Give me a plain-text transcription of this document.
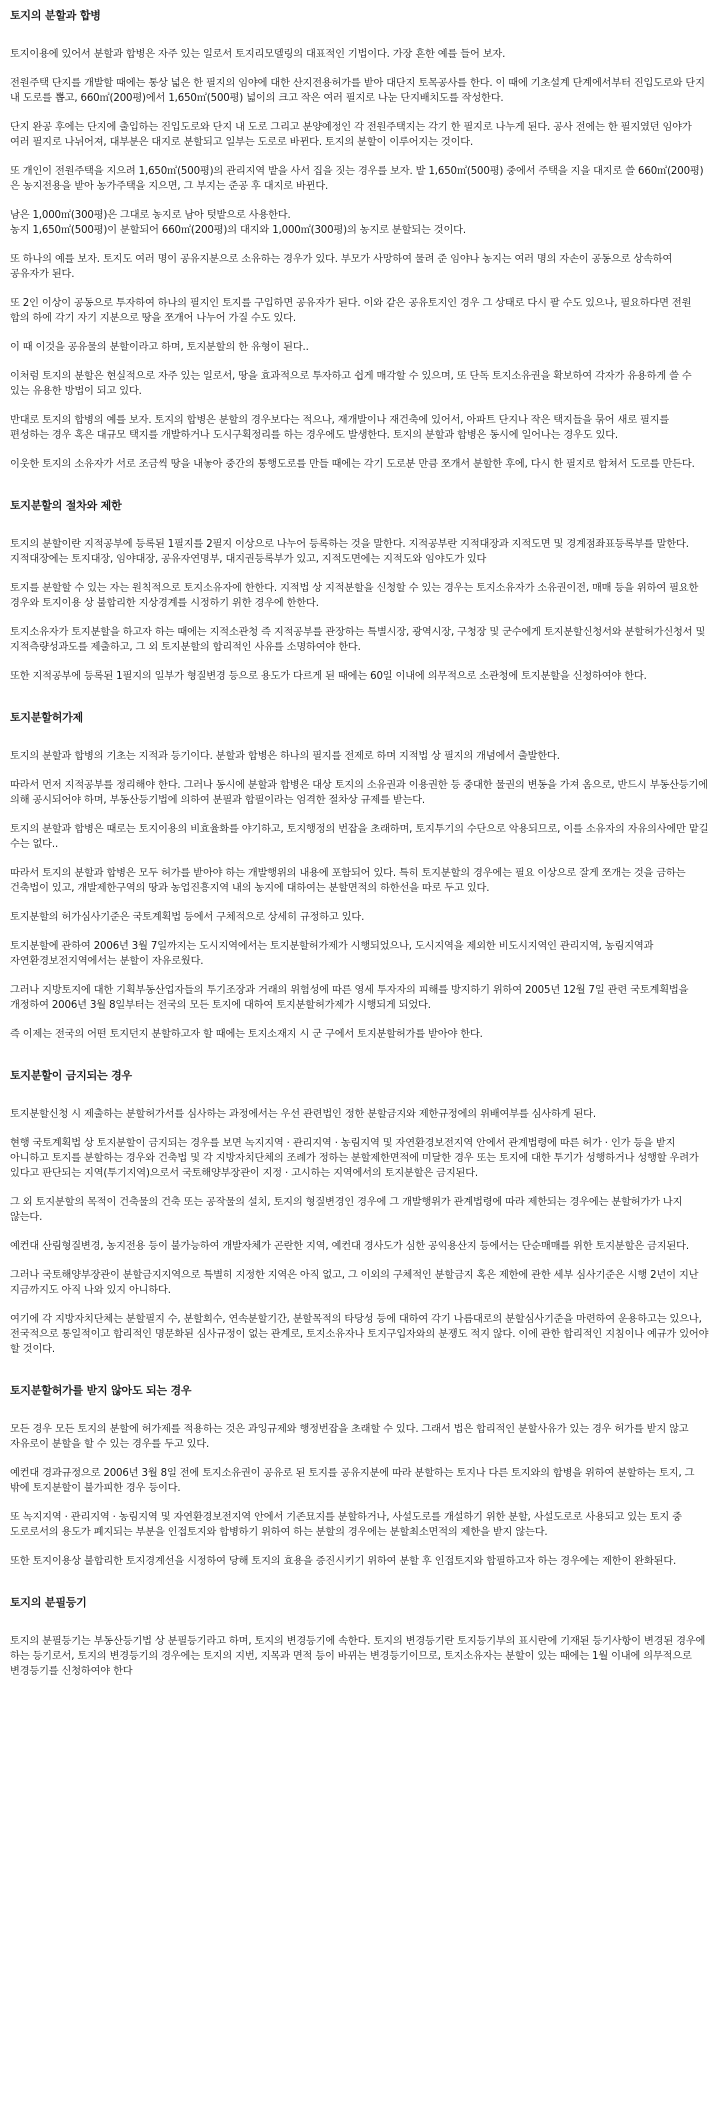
토지의 분할과 합병

토지이용에 있어서 분할과 합병은 자주 있는 일로서 토지리모델링의 대표적인 기법이다. 가장 흔한 예를 들어 보자.

전원주택 단지를 개발할 때에는 통상 넓은 한 필지의 임야에 대한 산지전용허가를 받아 대단지 토목공사를 한다. 이 때에 기초설계 단계에서부터 진입도로와 단지 내 도로를 뽑고, 660㎡(200평)에서 1,650㎡(500평) 넓이의 크고 작은 여러 필지로 나눈 단지배치도를 작성한다.

단지 완공 후에는 단지에 출입하는 진입도로와 단지 내 도로 그리고 분양예정인 각 전원주택지는 각기 한 필지로 나누게 된다. 공사 전에는 한 필지였던 임야가 여러 필지로 나뉘어져, 대부분은 대지로 분할되고 일부는 도로로 바뀐다. 토지의 분할이 이루어지는 것이다.

또 개인이 전원주택을 지으려 1,650㎡(500평)의 관리지역 밭을 사서 집을 짓는 경우를 보자. 밭 1,650㎡(500평) 중에서 주택을 지을 대지로 쓸 660㎡(200평)은 농지전용을 받아 농가주택을 지으면, 그 부지는 준공 후 대지로 바뀐다.

남은 1,000㎡(300평)은 그대로 농지로 남아 텃밭으로 사용한다.
농지 1,650㎡(500평)이 분할되어 660㎡(200평)의 대지와 1,000㎡(300평)의 농지로 분할되는 것이다.

또 하나의 예를 보자. 토지도 여러 명이 공유지분으로 소유하는 경우가 있다. 부모가 사망하여 물려 준 임야나 농지는 여러 명의 자손이 공동으로 상속하여 공유자가 된다.

또 2인 이상이 공동으로 투자하여 하나의 필지인 토지를 구입하면 공유자가 된다. 이와 같은 공유토지인 경우 그 상태로 다시 팔 수도 있으나, 필요하다면 전원 합의 하에 각기 자기 지분으로 땅을 쪼개어 나누어 가질 수도 있다.

이 때 이것을 공유물의 분할이라고 하며, 토지분할의 한 유형이 된다..

이처럼 토지의 분할은 현실적으로 자주 있는 일로서, 땅을 효과적으로 투자하고 쉽게 매각할 수 있으며, 또 단독 토지소유권을 확보하여 각자가 유용하게 쓸 수 있는 유용한 방법이 되고 있다.

반대로 토지의 합병의 예를 보자. 토지의 합병은 분할의 경우보다는 적으나, 재개발이나 재건축에 있어서, 아파트 단지나 작은 택지들을 묶어 새로 필지를 편성하는 경우 혹은 대규모 택지를 개발하거나 도시구획정리를 하는 경우에도 발생한다. 토지의 분할과 합병은 동시에 일어나는 경우도 있다.

이웃한 토지의 소유자가 서로 조금씩 땅을 내놓아 중간의 통행도로를 만들 때에는 각기 도로분 만큼 쪼개서 분할한 후에, 다시 한 필지로 합쳐서 도로를 만든다.

토지분할의 절차와 제한

토지의 분할이란 지적공부에 등록된 1필지를 2필지 이상으로 나누어 등록하는 것을 말한다. 지적공부란 지적대장과 지적도면 및 경계점좌표등록부를 말한다. 지적대장에는 토지대장, 임야대장, 공유자연명부, 대지권등록부가 있고, 지적도면에는 지적도와 임야도가 있다

토지를 분할할 수 있는 자는 원칙적으로 토지소유자에 한한다. 지적법 상 지적분할을 신청할 수 있는 경우는 토지소유자가 소유권이전, 매매 등을 위하여 필요한 경우와 토지이용 상 불합리한 지상경계를 시정하기 위한 경우에 한한다.

토지소유자가 토지분할을 하고자 하는 때에는 지적소관청 즉 지적공부를 관장하는 특별시장, 광역시장, 구청장 및 군수에게 토지분할신청서와 분할허가신청서 및 지적측량성과도를 제출하고, 그 외 토지분할의 합리적인 사유를 소명하여야 한다.

또한 지적공부에 등록된 1필지의 일부가 형질변경 등으로 용도가 다르게 된 때에는 60일 이내에 의무적으로 소관청에 토지분할을 신청하여야 한다.

토지분할허가제

토지의 분할과 합병의 기초는 지적과 등기이다. 분할과 합병은 하나의 필지를 전제로 하며 지적법 상 필지의 개념에서 출발한다.

따라서 먼저 지적공부를 정리해야 한다. 그러나 동시에 분할과 합병은 대상 토지의 소유권과 이용권한 등 중대한 물권의 변동을 가져 옴으로, 반드시 부동산등기에 의해 공시되어야 하며, 부동산등기법에 의하여 분필과 합필이라는 엄격한 절차상 규제를 받는다.

토지의 분할과 합병은 때로는 토지이용의 비효율화를 야기하고, 토지행정의 번잡을 초래하며, 토지투기의 수단으로 악용되므로, 이를 소유자의 자유의사에만 맡길 수는 없다..

따라서 토지의 분할과 합병은 모두 허가를 받아야 하는 개발행위의 내용에 포함되어 있다. 특히 토지분할의 경우에는 필요 이상으로 잘게 쪼개는 것을 금하는 건축법이 있고, 개발제한구역의 땅과 농업진흥지역 내의 농지에 대하여는 분할면적의 하한선을 따로 두고 있다.

토지분할의 허가심사기준은 국토계획법 등에서 구체적으로 상세히 규정하고 있다.

토지분할에 관하여 2006년 3월 7일까지는 도시지역에서는 토지분할허가제가 시행되었으나, 도시지역을 제외한 비도시지역인 관리지역, 농림지역과 자연환경보전지역에서는 분할이 자유로웠다.

그러나 지방토지에 대한 기획부동산업자들의 투기조장과 거래의 위험성에 따른 영세 투자자의 피해를 방지하기 위하여 2005년 12월 7일 관련 국토계획법을 개정하여 2006년 3월 8일부터는 전국의 모든 토지에 대하여 토지분할허가제가 시행되게 되었다.

즉 이제는 전국의 어떤 토지던지 분할하고자 할 때에는 토지소재지 시 군 구에서 토지분할허가를 받아야 한다.

토지분할이 금지되는 경우

토지분할신청 시 제출하는 분할허가서를 심사하는 과정에서는 우선 관련법인 정한 분할금지와 제한규정에의 위배여부를 심사하게 된다.

현행 국토계획법 상 토지분할이 금지되는 경우를 보면 녹지지역 · 관리지역 · 농림지역 및 자연환경보전지역 안에서 관계법령에 따른 허가 · 인가 등을 받지 아니하고 토지를 분할하는 경우와 건축법 및 각 지방자치단체의 조례가 정하는 분할제한면적에 미달한 경우 또는 토지에 대한 투기가 성행하거나 성행할 우려가 있다고 판단되는 지역(투기지역)으로서 국토해양부장관이 지정 · 고시하는 지역에서의 토지분할은 금지된다.

그 외 토지분할의 목적이 건축물의 건축 또는 공작물의 설치, 토지의 형질변경인 경우에 그 개발행위가 관계법령에 따라 제한되는 경우에는 분할허가가 나지 않는다.

예컨대 산림형질변경, 농지전용 등이 불가능하여 개발자체가 곤란한 지역, 예컨대 경사도가 심한 공익용산지 등에서는 단순매매를 위한 토지분할은 금지된다.

그러나 국토해양부장관이 분할금지지역으로 특별히 지정한 지역은 아직 없고, 그 이외의 구체적인 분할금지 혹은 제한에 관한 세부 심사기준은 시행 2년이 지난 지금까지도 아직 나와 있지 아니하다.

여기에 각 지방자치단체는 분할필지 수, 분할회수, 연속분할기간, 분할목적의 타당성 등에 대하여 각기 나름대로의 분할심사기준을 마련하여 운용하고는 있으나, 전국적으로 통일적이고 합리적인 명문화된 심사규정이 없는 관계로, 토지소유자나 토지구입자와의 분쟁도 적지 않다. 이에 관한 합리적인 지침이나 예규가 있어야 할 것이다.

토지분할허가를 받지 않아도 되는 경우

모든 경우 모든 토지의 분할에 허가제를 적용하는 것은 과잉규제와 행정번잡을 초래할 수 있다. 그래서 법은 합리적인 분할사유가 있는 경우 허가를 받지 않고 자유로이 분할을 할 수 있는 경우를 두고 있다.

예컨대 경과규정으로 2006년 3월 8일 전에 토지소유권이 공유로 된 토지를 공유지분에 따라 분할하는 토지나 다른 토지와의 합병을 위하여 분할하는 토지, 그 밖에 토지분할이 불가피한 경우 등이다.

또 녹지지역 · 관리지역 · 농림지역 및 자연환경보전지역 안에서 기존묘지를 분할하거나, 사설도로를 개설하기 위한 분할, 사설도로로 사용되고 있는 토지 중 도로로서의 용도가 폐지되는 부분을 인접토지와 합병하기 위하여 하는 분할의 경우에는 분할최소면적의 제한을 받지 않는다.

또한 토지이용상 불합리한 토지경계선을 시정하여 당해 토지의 효용을 증진시키기 위하여 분할 후 인접토지와 합필하고자 하는 경우에는 제한이 완화된다.

토지의 분필등기

토지의 분필등기는 부동산등기법 상 분필등기라고 하며, 토지의 변경등기에 속한다. 토지의 변경등기란 토지등기부의 표시란에 기재된 등기사항이 변경된 경우에 하는 등기로서, 토지의 변경등기의 경우에는 토지의 지번, 지목과 면적 등이 바뀌는 변경등기이므로, 토지소유자는 분할이 있는 때에는 1월 이내에 의무적으로 변경등기를 신청하여야 한다
